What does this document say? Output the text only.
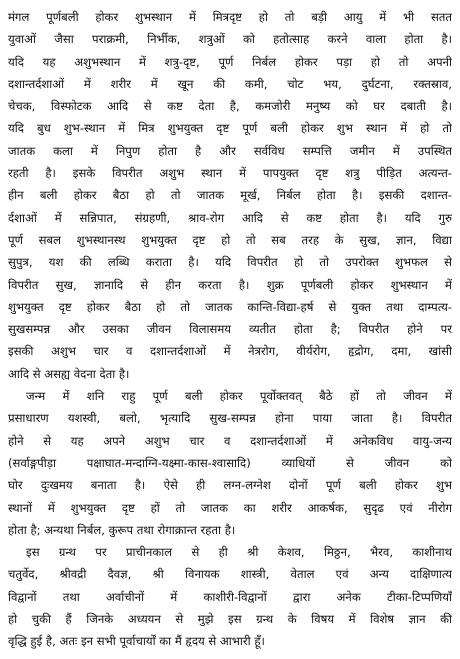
मंगल पूर्णबली होकर शुभस्थान में मित्रदृष्ट हो तो बड़ी आयु में भी सतत
युवाओं जैसा पराक्रमी, निर्भीक, शत्रुओं को हतोत्साह करने वाला होता है।
यदि यह अशुभस्थान में शत्रु-दृष्ट, पूर्ण निर्बल होकर पड़ा हो तो अपनी
दशान्तर्दशाओं में शरीर में खून की कमी, चोट भय, दुर्घटना, रक्तस्राव,
चेचक, विस्फोटक आदि से कष्ट देता है, कमजोरी मनुष्य को घर दबाती है।
यदि बुध शुभ-स्थान में मित्र शुभयुक्त दृष्ट पूर्ण बली होकर शुभ स्थान में हो तो
जातक कला में निपुण होता है और सर्वविध सम्पत्ति जमीन में उपस्थित
रहती है। इसके विपरीत अशुभ स्थान में पापयुक्त दृष्ट शत्रु पीड़ित अत्यन्त-
हीन बली होकर बैठा हो तो जातक मूर्ख, निर्बल होता है। इसकी दशान्त-
र्दशाओं में सन्निपात, संग्रहणी, श्राव-रोग आदि से कष्ट होता है। यदि गुरु
पूर्ण सबल शुभस्थानस्थ शुभयुक्त दृष्ट हो तो सब तरह के सुख, ज्ञान, विद्या
सुपुत्र, यश की लब्धि कराता है। यदि विपरीत हो तो उपरोक्त शुभफल से
विपरीत सुख, ज्ञानादि से हीन करता है। शुक्र पूर्णबली होकर शुभस्थान में
शुभयुक्त दृष्ट होकर बैठा हो तो जातक कान्ति-विद्या-हर्ष से युक्त तथा दाम्पत्य-
सुखसम्पन्न और उसका जीवन विलासमय व्यतीत होता है; विपरीत होने पर
इसकी अशुभ चार व दशान्तर्दशाओं में नेत्ररोग, वीर्यरोग, हृद्रोग, दमा, खांसी
आदि से असह्य वेदना देता है।
जन्म में शनि राहु पूर्ण बली होकर पूर्वोक्तवत् बैठे हों तो जीवन में
प्रसाधारण यशस्वी, बलो, भृत्यादि सुख-सम्पन्न होना पाया जाता है। विपरीत
होने से यह अपने अशुभ चार व दशान्तर्दशाओं में अनेकविध वायु-जन्य
(सर्वाङ्गपीड़ा पक्षाघात-मन्दाग्नि-यक्ष्मा-कास-श्वासादि) व्याधियों से जीवन को
घोर दुःखमय बनाता है। ऐसे ही लग्न-लग्नेश दोनों पूर्ण बली होकर शुभ
स्थानों में शुभयुक्त दृष्ट हों तो जातक का शरीर आकर्षक, सुदृढ एवं नीरोग
होता है; अन्यथा निर्बल, कुरूप तथा रोगाक्रान्त रहता है।
इस ग्रन्थ पर प्राचीनकाल से ही श्री केशव, मिठ्ठन, भैरव, काशीनाथ
चतुर्वेद, श्रीवद्री दैवज्ञ, श्री विनायक शास्त्री, वेताल एवं अन्य दाक्षिणात्य
विद्वानों तथा अर्वाचीनों में काशीरी-विद्वानों द्वारा अनेक टीका-टिप्पणियाँ
हो चुकी हैं जिनके अध्ययन से मुझे इस ग्रन्थ के विषय में विशेष ज्ञान की
वृद्धि हुई है, अतः इन सभी पूर्वाचार्यों का मैं हृदय से आभारी हूँ।
